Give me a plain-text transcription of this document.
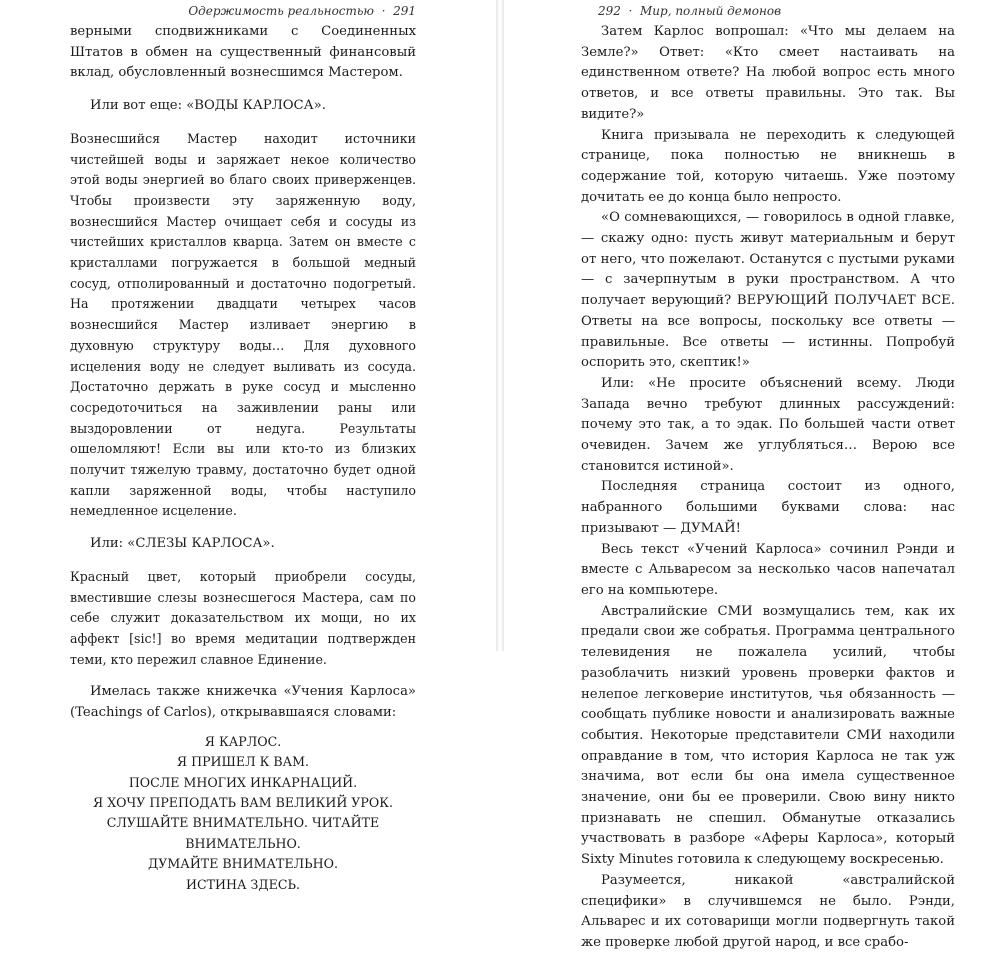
Одержимость реальностью  ·  291

верными сподвижниками с Соединенных Штатов в обмен на существенный финансовый вклад, обусловленный вознесшимся Мастером.

Или вот еще: «ВОДЫ КАРЛОСА».

Вознесшийся Мастер находит источники чистейшей воды и заряжает некое количество этой воды энергией во благо своих приверженцев. Чтобы произвести эту заряженную воду, вознесшийся Мастер очищает себя и сосуды из чистейших кристаллов кварца. Затем он вместе с кристаллами погружается в большой медный сосуд, отполированный и достаточно подогретый. На протяжении двадцати четырех часов вознесшийся Мастер изливает энергию в духовную структуру воды… Для духовного исцеления воду не следует выливать из сосуда. Достаточно держать в руке сосуд и мысленно сосредоточиться на заживлении раны или выздоровлении от недуга. Результаты ошеломляют! Если вы или кто-то из близких получит тяжелую травму, достаточно будет одной капли заряженной воды, чтобы наступило немедленное исцеление.

Или: «СЛЕЗЫ КАРЛОСА».

Красный цвет, который приобрели сосуды, вместившие слезы вознесшегося Мастера, сам по себе служит доказательством их мощи, но их аффект [sic!] во время медитации подтвержден теми, кто пережил славное Единение.

Имелась также книжечка «Учения Карлоса» (Teachings of Carlos), открывавшаяся словами:

Я КАРЛОС.
Я ПРИШЕЛ К ВАМ.
ПОСЛЕ МНОГИХ ИНКАРНАЦИЙ.
Я ХОЧУ ПРЕПОДАТЬ ВАМ ВЕЛИКИЙ УРОК.
СЛУШАЙТЕ ВНИМАТЕЛЬНО. ЧИТАЙТЕ ВНИМАТЕЛЬНО.
ДУМАЙТЕ ВНИМАТЕЛЬНО.
ИСТИНА ЗДЕСЬ.
292  ·  Мир, полный демонов

Затем Карлос вопрошал: «Что мы делаем на Земле?» Ответ: «Кто смеет настаивать на единственном ответе? На любой вопрос есть много ответов, и все ответы правильны. Это так. Вы видите?»

Книга призывала не переходить к следующей странице, пока полностью не вникнешь в содержание той, которую читаешь. Уже поэтому дочитать ее до конца было непросто.

«О сомневающихся, — говорилось в одной главке, — скажу одно: пусть живут материальным и берут от него, что пожелают. Останутся с пустыми руками — с зачерпнутым в руки пространством. А что получает верующий? ВЕРУЮЩИЙ ПОЛУЧАЕТ ВСЕ. Ответы на все вопросы, поскольку все ответы — правильные. Все ответы — истинны. Попробуй оспорить это, скептик!»

Или: «Не просите объяснений всему. Люди Запада вечно требуют длинных рассуждений: почему это так, а то эдак. По большей части ответ очевиден. Зачем же углубляться… Верою все становится истиной».

Последняя страница состоит из одного, набранного большими буквами слова: нас призывают — ДУМАЙ!

Весь текст «Учений Карлоса» сочинил Рэнди и вместе с Альваресом за несколько часов напечатал его на компьютере.

Австралийские СМИ возмущались тем, как их предали свои же собратья. Программа центрального телевидения не пожалела усилий, чтобы разоблачить низкий уровень проверки фактов и нелепое легковерие институтов, чья обязанность — сообщать публике новости и анализировать важные события. Некоторые представители СМИ находили оправдание в том, что история Карлоса не так уж значима, вот если бы она имела существенное значение, они бы ее проверили. Свою вину никто признавать не спешил. Обманутые отказались участвовать в разборе «Аферы Карлоса», который Sixty Minutes готовила к следующему воскресенью.

Разумеется, никакой «австралийской специфики» в случившемся не было. Рэнди, Альварес и их сотоварищи могли подвергнуть такой же проверке любой другой народ, и все срабо-
